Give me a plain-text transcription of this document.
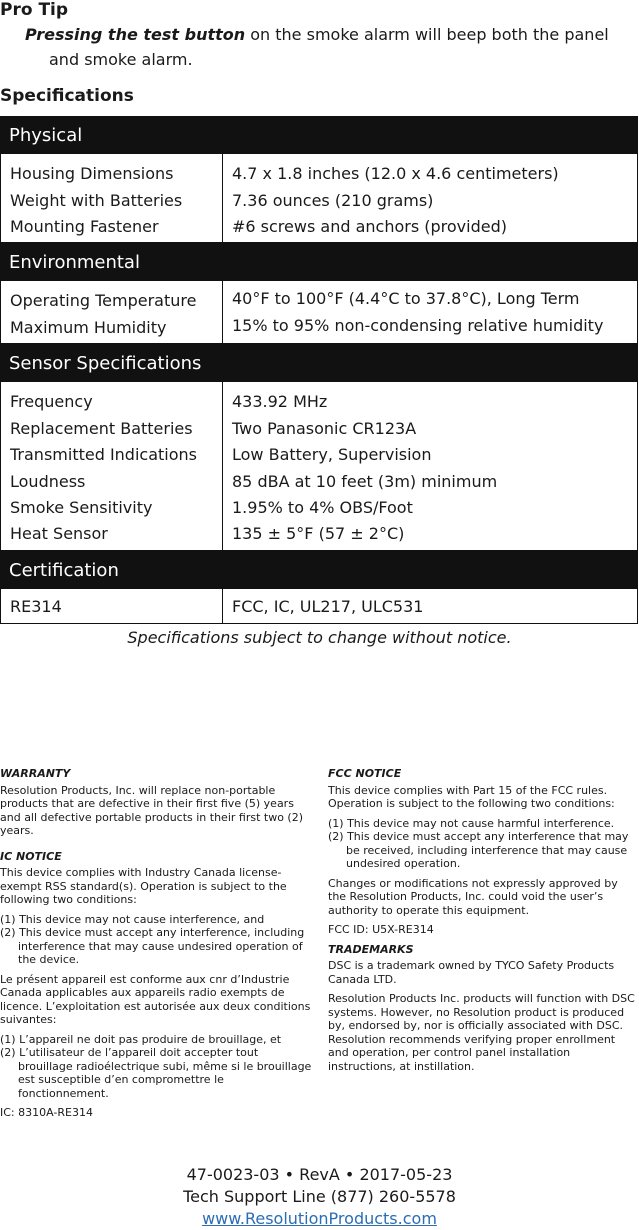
Pro Tip
Pressing the test button on the smoke alarm will beep both the panel and smoke alarm.
Specifications
Physical
Housing Dimensions
Weight with Batteries
Mounting Fastener
4.7 x 1.8 inches (12.0 x 4.6 centimeters)
7.36 ounces (210 grams)
#6 screws and anchors (provided)
Environmental
Operating Temperature
Maximum Humidity
40°F to 100°F (4.4°C to 37.8°C), Long Term
15% to 95% non-condensing relative humidity
Sensor Specifications
Frequency
Replacement Batteries
Transmitted Indications
Loudness
Smoke Sensitivity
Heat Sensor
433.92 MHz
Two Panasonic CR123A
Low Battery, Supervision
85 dBA at 10 feet (3m) minimum
1.95% to 4% OBS/Foot
135 ± 5°F (57 ± 2°C)
Certification
RE314	FCC, IC, UL217, ULC531
Specifications subject to change without notice.
WARRANTY

Resolution Products, Inc. will replace non-portable products that are defective in their first five (5) years and all defective portable products in their first two (2) years.

IC NOTICE

This device complies with Industry Canada license-exempt RSS standard(s). Operation is subject to the following two conditions:

(1) This device may not cause interference, and

(2) This device must accept any interference, including interference that may cause undesired operation of the device.

Le présent appareil est conforme aux cnr d’Industrie Canada applicables aux appareils radio exempts de licence. L’exploitation est autorisée aux deux conditions suivantes:

(1) L’appareil ne doit pas produire de brouillage, et

(2) L’utilisateur de l’appareil doit accepter tout brouillage radioélectrique subi, même si le brouillage est susceptible d’en compromettre le fonctionnement.

IC: 8310A-RE314

FCC NOTICE

This device complies with Part 15 of the FCC rules. Operation is subject to the following two conditions:

(1) This device may not cause harmful interference.

(2) This device must accept any interference that may be received, including interference that may cause undesired operation.

Changes or modifications not expressly approved by the Resolution Products, Inc. could void the user’s authority to operate this equipment.

FCC ID: U5X-RE314

TRADEMARKS

DSC is a trademark owned by TYCO Safety Products Canada LTD.

Resolution Products Inc. products will function with DSC systems. However, no Resolution product is produced by, endorsed by, nor is officially associated with DSC. Resolution recommends verifying proper enrollment and operation, per control panel installation instructions, at instillation.

47-0023-03 • RevA • 2017-05-23
Tech Support Line (877) 260-5578
www.ResolutionProducts.com
